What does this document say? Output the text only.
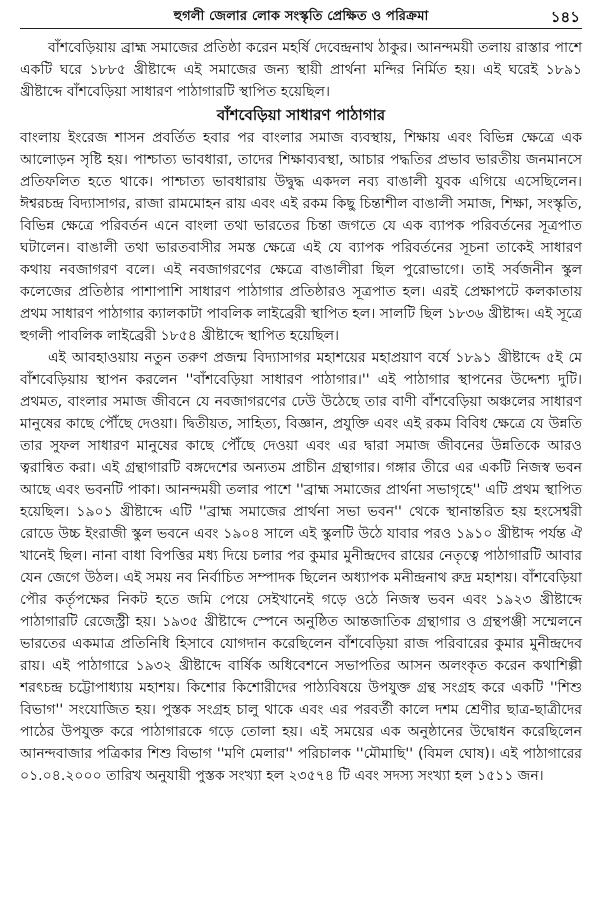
হুগলী জেলার লোক সংস্কৃতি প্রেক্ষিত ও পরিক্রমা	১৪১

বাঁশবেড়িয়ায় ব্রাহ্ম সমাজের প্রতিষ্ঠা করেন মহর্ষি দেবেন্দ্রনাথ ঠাকুর। আনন্দময়ী তলায় রাস্তার পাশে একটি ঘরে ১৮৮৫ খ্রীষ্টাব্দে এই সমাজের জন্য স্থায়ী প্রার্থনা মন্দির নির্মিত হয়। এই ঘরেই ১৮৯১ খ্রীষ্টাব্দে বাঁশবেড়িয়া সাধারণ পাঠাগারটি স্থাপিত হয়েছিল।

বাঁশবেড়িয়া সাধারণ পাঠাগার

বাংলায় ইংরেজ শাসন প্রবর্তিত হবার পর বাংলার সমাজ ব্যবস্থায়, শিক্ষায় এবং বিভিন্ন ক্ষেত্রে এক আলোড়ন সৃষ্টি হয়। পাশ্চাত্য ভাবধারা, তাদের শিক্ষাব্যবস্থা, আচার পদ্ধতির প্রভাব ভারতীয় জনমানসে প্রতিফলিত হতে থাকে। পাশ্চাত্য ভাবধারায় উদ্বুদ্ধ একদল নব্য বাঙালী যুবক এগিয়ে এসেছিলেন। ঈশ্বরচন্দ্র বিদ্যাসাগর, রাজা রামমোহন রায় এবং এই রকম কিছু চিন্তাশীল বাঙালী সমাজ, শিক্ষা, সংস্কৃতি, বিভিন্ন ক্ষেত্রে পরিবর্তন এনে বাংলা তথা ভারতের চিন্তা জগতে যে এক ব্যাপক পরিবর্তনের সূত্রপাত ঘটালেন। বাঙালী তথা ভারতবাসীর সমস্ত ক্ষেত্রে এই যে ব্যাপক পরিবর্তনের সূচনা তাকেই সাধারণ কথায় নবজাগরণ বলে। এই নবজাগরণের ক্ষেত্রে বাঙালীরা ছিল পুরোভাগে। তাই সর্বজনীন স্কুল কলেজের প্রতিষ্ঠার পাশাপাশি সাধারণ পাঠাগার প্রতিষ্ঠারও সূত্রপাত হল। এরই প্রেক্ষাপটে কলকাতায় প্রথম সাধারণ পাঠাগার ক্যালকাটা পাবলিক লাইব্রেরী স্থাপিত হল। সালটি ছিল ১৮৩৬ খ্রীষ্টাব্দ। এই সূত্রে হুগলী পাবলিক লাইব্রেরী ১৮৫৪ খ্রীষ্টাব্দে স্থাপিত হয়েছিল।

এই আবহাওয়ায় নতুন তরুণ প্রজন্ম বিদ্যাসাগর মহাশয়ের মহাপ্রয়াণ বর্ষে ১৮৯১ খ্রীষ্টাব্দে ৫ই মে বাঁশবেড়িয়ায় স্থাপন করলেন ''বাঁশবেড়িয়া সাধারণ পাঠাগার।'' এই পাঠাগার স্থাপনের উদ্দেশ্য দুটি। প্রথমত, বাংলার সমাজ জীবনে যে নবজাগরণের ঢেউ উঠেছে তার বাণী বাঁশবেড়িয়া অঞ্চলের সাধারণ মানুষের কাছে পৌঁছে দেওয়া। দ্বিতীয়ত, সাহিত্য, বিজ্ঞান, প্রযুক্তি এবং এই রকম বিবিধ ক্ষেত্রে যে উন্নতি তার সুফল সাধারণ মানুষের কাছে পৌঁছে দেওয়া এবং এর দ্বারা সমাজ জীবনের উন্নতিকে আরও ত্বরান্বিত করা। এই গ্রন্থাগারটি বঙ্গদেশের অন্যতম প্রাচীন গ্রন্থাগার। গঙ্গার তীরে এর একটি নিজস্ব ভবন আছে এবং ভবনটি পাকা। আনন্দময়ী তলার পাশে ''ব্রাহ্ম সমাজের প্রার্থনা সভাগৃহে'' এটি প্রথম স্থাপিত হয়েছিল। ১৯০১ খ্রীষ্টাব্দে এটি ''ব্রাহ্ম সমাজের প্রার্থনা সভা ভবন'' থেকে স্থানান্তরিত হয় হংসেশ্বরী রোডে উচ্চ ইংরাজী স্কুল ভবনে এবং ১৯০৪ সালে এই স্কুলটি উঠে যাবার পরও ১৯১০ খ্রীষ্টাব্দ পর্যন্ত ঐ খানেই ছিল। নানা বাধা বিপত্তির মধ্য দিয়ে চলার পর কুমার মুনীন্দ্রদেব রায়ের নেতৃত্বে পাঠাগারটি আবার যেন জেগে উঠল। এই সময় নব নির্বাচিত সম্পাদক ছিলেন অধ্যাপক মনীন্দ্রনাথ রুদ্র মহাশয়। বাঁশবেড়িয়া পৌর কর্তৃপক্ষের নিকট হতে জমি পেয়ে সেইখানেই গড়ে ওঠে নিজস্ব ভবন এবং ১৯২৩ খ্রীষ্টাব্দে পাঠাগারটি রেজেস্ট্রী হয়। ১৯৩৫ খ্রীষ্টাব্দে স্পেনে অনুষ্ঠিত আন্তজাতিক গ্রন্থাগার ও গ্রন্থপঞ্জী সম্মেলনে ভারতের একমাত্র প্রতিনিধি হিসাবে যোগদান করেছিলেন বাঁশবেড়িয়া রাজ পরিবারের কুমার মুনীন্দ্রদেব রায়। এই পাঠাগারে ১৯৩২ খ্রীষ্টাব্দে বার্ষিক অধিবেশনে সভাপতির আসন অলংকৃত করেন কথাশিল্পী শরৎচন্দ্র চট্টোপাধ্যায় মহাশয়। কিশোর কিশোরীদের পাঠ্যবিষয়ে উপযুক্ত গ্রন্থ সংগ্রহ করে একটি ''শিশু বিভাগ'' সংযোজিত হয়। পুস্তক সংগ্রহ চালু থাকে এবং এর পরবর্তী কালে দশম শ্রেণীর ছাত্র-ছাত্রীদের পাঠের উপযুক্ত করে পাঠাগারকে গড়ে তোলা হয়। এই সময়ের এক অনুষ্ঠানের উদ্বোধন করেছিলেন আনন্দবাজার পত্রিকার শিশু বিভাগ ''মণি মেলার'' পরিচালক ''মৌমাছি'' (বিমল ঘোষ)। এই পাঠাগারের ০১.০৪.২০০০ তারিখ অনুযায়ী পুস্তক সংখ্যা হল ২৩৫৭৪ টি এবং সদস্য সংখ্যা হল ১৫১১ জন।
